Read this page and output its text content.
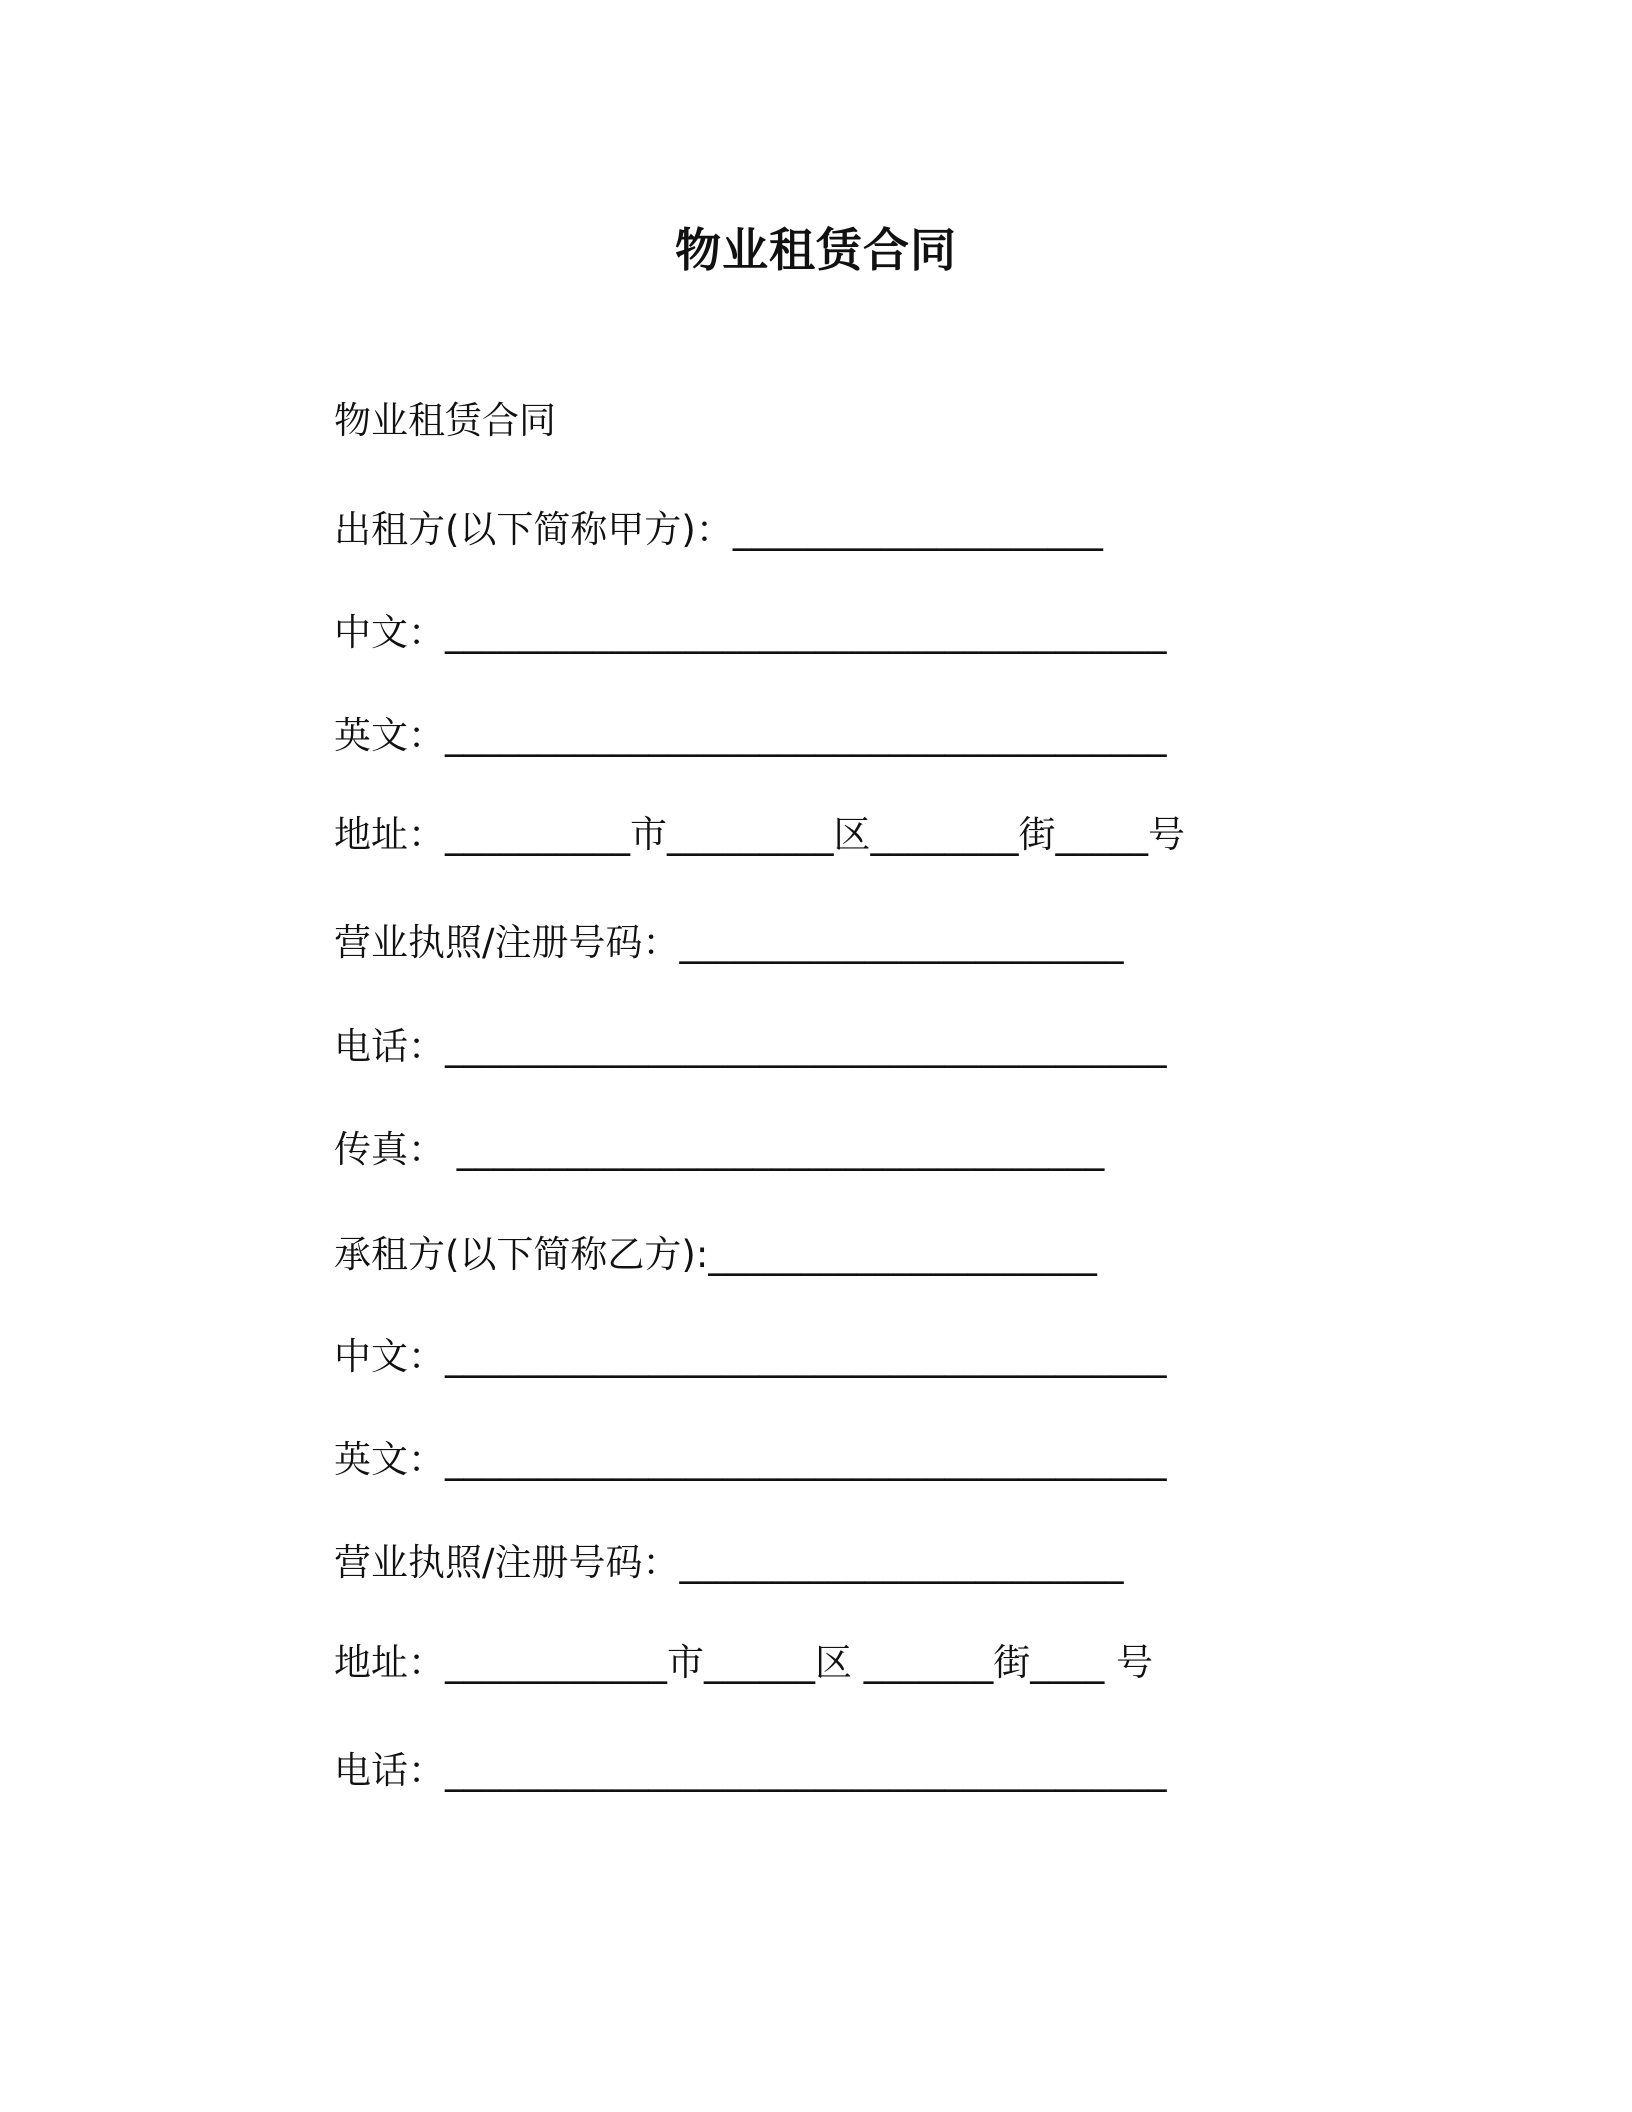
物业租赁合同

物业租赁合同

出租方(以下简称甲方)：____________________

中文：_______________________________________

英文：_______________________________________

地址：__________市_________区________街_____号

营业执照/注册号码：________________________

电话：_______________________________________

传真： ___________________________________

承租方(以下简称乙方):_____________________

中文：_______________________________________

英文：_______________________________________

营业执照/注册号码：________________________

地址：____________市______区 _______街____ 号

电话：_______________________________________
